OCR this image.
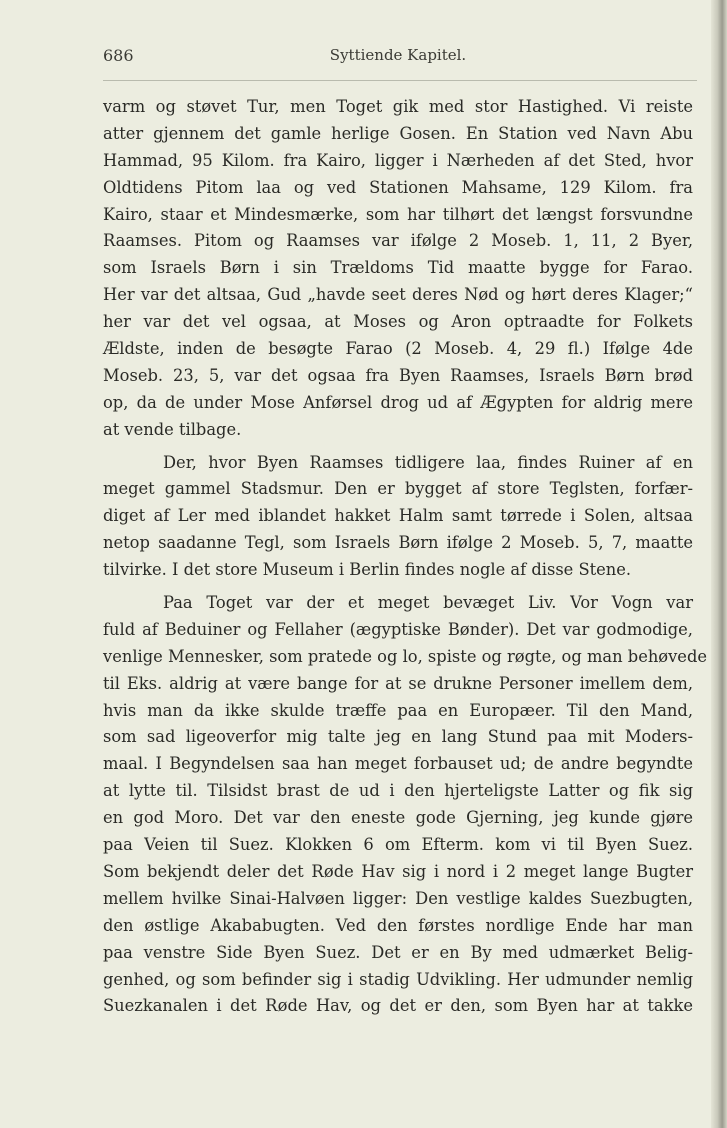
686	Syttiende Kapitel.
varm og støvet Tur, men Toget gik med stor Hastighed. Vi reiste
atter gjennem det gamle herlige Gosen. En Station ved Navn Abu
Hammad, 95 Kilom. fra Kairo, ligger i Nærheden af det Sted, hvor
Oldtidens Pitom laa og ved Stationen Mahsame, 129 Kilom. fra
Kairo, staar et Mindesmærke, som har tilhørt det længst forsvundne
Raamses. Pitom og Raamses var ifølge 2 Moseb. 1, 11, 2 Byer,
som Israels Børn i sin Trældoms Tid maatte bygge for Farao.
Her var det altsaa, Gud „havde seet deres Nød og hørt deres Klager;“
her var det vel ogsaa, at Moses og Aron optraadte for Folkets
Ældste, inden de besøgte Farao (2 Moseb. 4, 29 fl.) Ifølge 4de
Moseb. 23, 5, var det ogsaa fra Byen Raamses, Israels Børn brød
op, da de under Mose Anførsel drog ud af Ægypten for aldrig mere
at vende tilbage.
Der, hvor Byen Raamses tidligere laa, findes Ruiner af en
meget gammel Stadsmur. Den er bygget af store Teglsten, forfær-
diget af Ler med iblandet hakket Halm samt tørrede i Solen, altsaa
netop saadanne Tegl, som Israels Børn ifølge 2 Moseb. 5, 7, maatte
tilvirke. I det store Museum i Berlin findes nogle af disse Stene.
Paa Toget var der et meget bevæget Liv. Vor Vogn var
fuld af Beduiner og Fellaher (ægyptiske Bønder). Det var godmodige,
venlige Mennesker, som pratede og lo, spiste og røgte, og man behøvede
til Eks. aldrig at være bange for at se drukne Personer imellem dem,
hvis man da ikke skulde træffe paa en Europæer. Til den Mand,
som sad ligeoverfor mig talte jeg en lang Stund paa mit Moders-
maal. I Begyndelsen saa han meget forbauset ud; de andre begyndte
at lytte til. Tilsidst brast de ud i den hjerteligste Latter og fik sig
en god Moro. Det var den eneste gode Gjerning, jeg kunde gjøre
paa Veien til Suez. Klokken 6 om Efterm. kom vi til Byen Suez.
Som bekjendt deler det Røde Hav sig i nord i 2 meget lange Bugter
mellem hvilke Sinai-Halvøen ligger: Den vestlige kaldes Suezbugten,
den østlige Akababugten. Ved den førstes nordlige Ende har man
paa venstre Side Byen Suez. Det er en By med udmærket Belig-
genhed, og som befinder sig i stadig Udvikling. Her udmunder nemlig
Suezkanalen i det Røde Hav, og det er den, som Byen har at takke
